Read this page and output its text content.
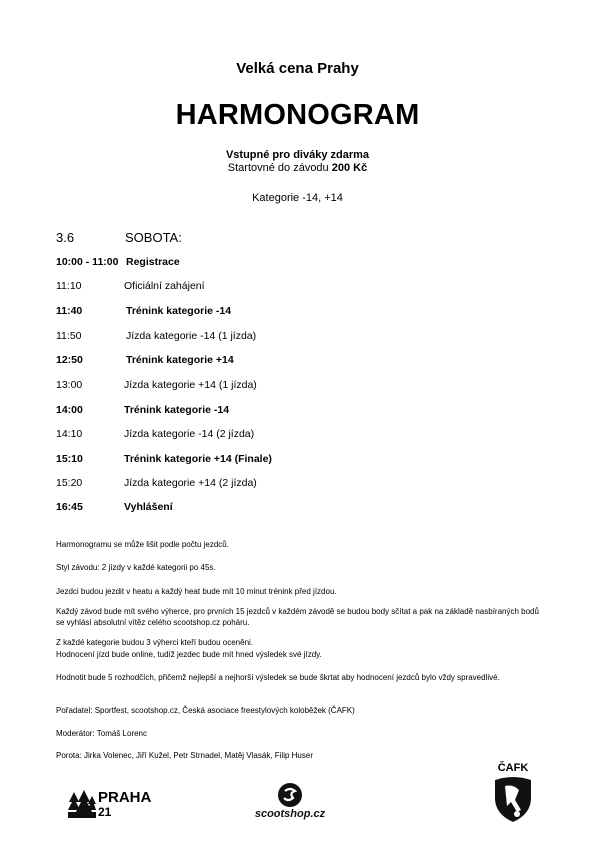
Velká cena Prahy
HARMONOGRAM
Vstupné pro diváky zdarma
Startovné do závodu 200 Kč
Kategorie -14, +14
3.6	SOBOTA:
10:00 - 11:00 Registrace
11:10	Oficiální zahájení
11:40	Trénink kategorie -14
11:50	Jízda kategorie -14 (1 jízda)
12:50	Trénink kategorie +14
13:00	Jízda kategorie +14 (1 jízda)
14:00	Trénink kategorie -14
14:10	Jízda kategorie -14 (2 jízda)
15:10	Trénink kategorie +14 (Finale)
15:20	Jízda kategorie +14 (2 jízda)
16:45	Vyhlášení
Harmonogramu se může lišit podle počtu jezdců.
Styl závodu: 2 jízdy v každé kategorii po 45s.
Jezdci budou jezdit v heatu a každý heat bude mít 10 minut trénink před jízdou.
Každý závod bude mít svého výherce, pro prvních 15 jezdců v každém závodě se budou body sčítat a pak na základě nasbíraných bodů se vyhlásí absolutní vítěz celého scootshop.cz poháru.
Z každé kategorie budou 3 výherci kteří budou oceněni.
Hodnocení jízd bude online, tudíž jezdec bude mít hned výsledek své jízdy.
Hodnotit bude 5 rozhodčích, přičemž nejlepší a nejhorší výsledek se bude škrtat aby hodnocení jezdců bylo vždy spravedlivé.
Pořadatel: Sportfest, scootshop.cz, Česká asociace freestylových koloběžek (ČAFK)
Moderátor: Tomáš Lorenc
Porota: Jirka Volenec, Jiří Kužel, Petr Strnadel, Matěj Vlasák, Filip Huser
PRAHA
21	scootshop.cz
ČAFK
